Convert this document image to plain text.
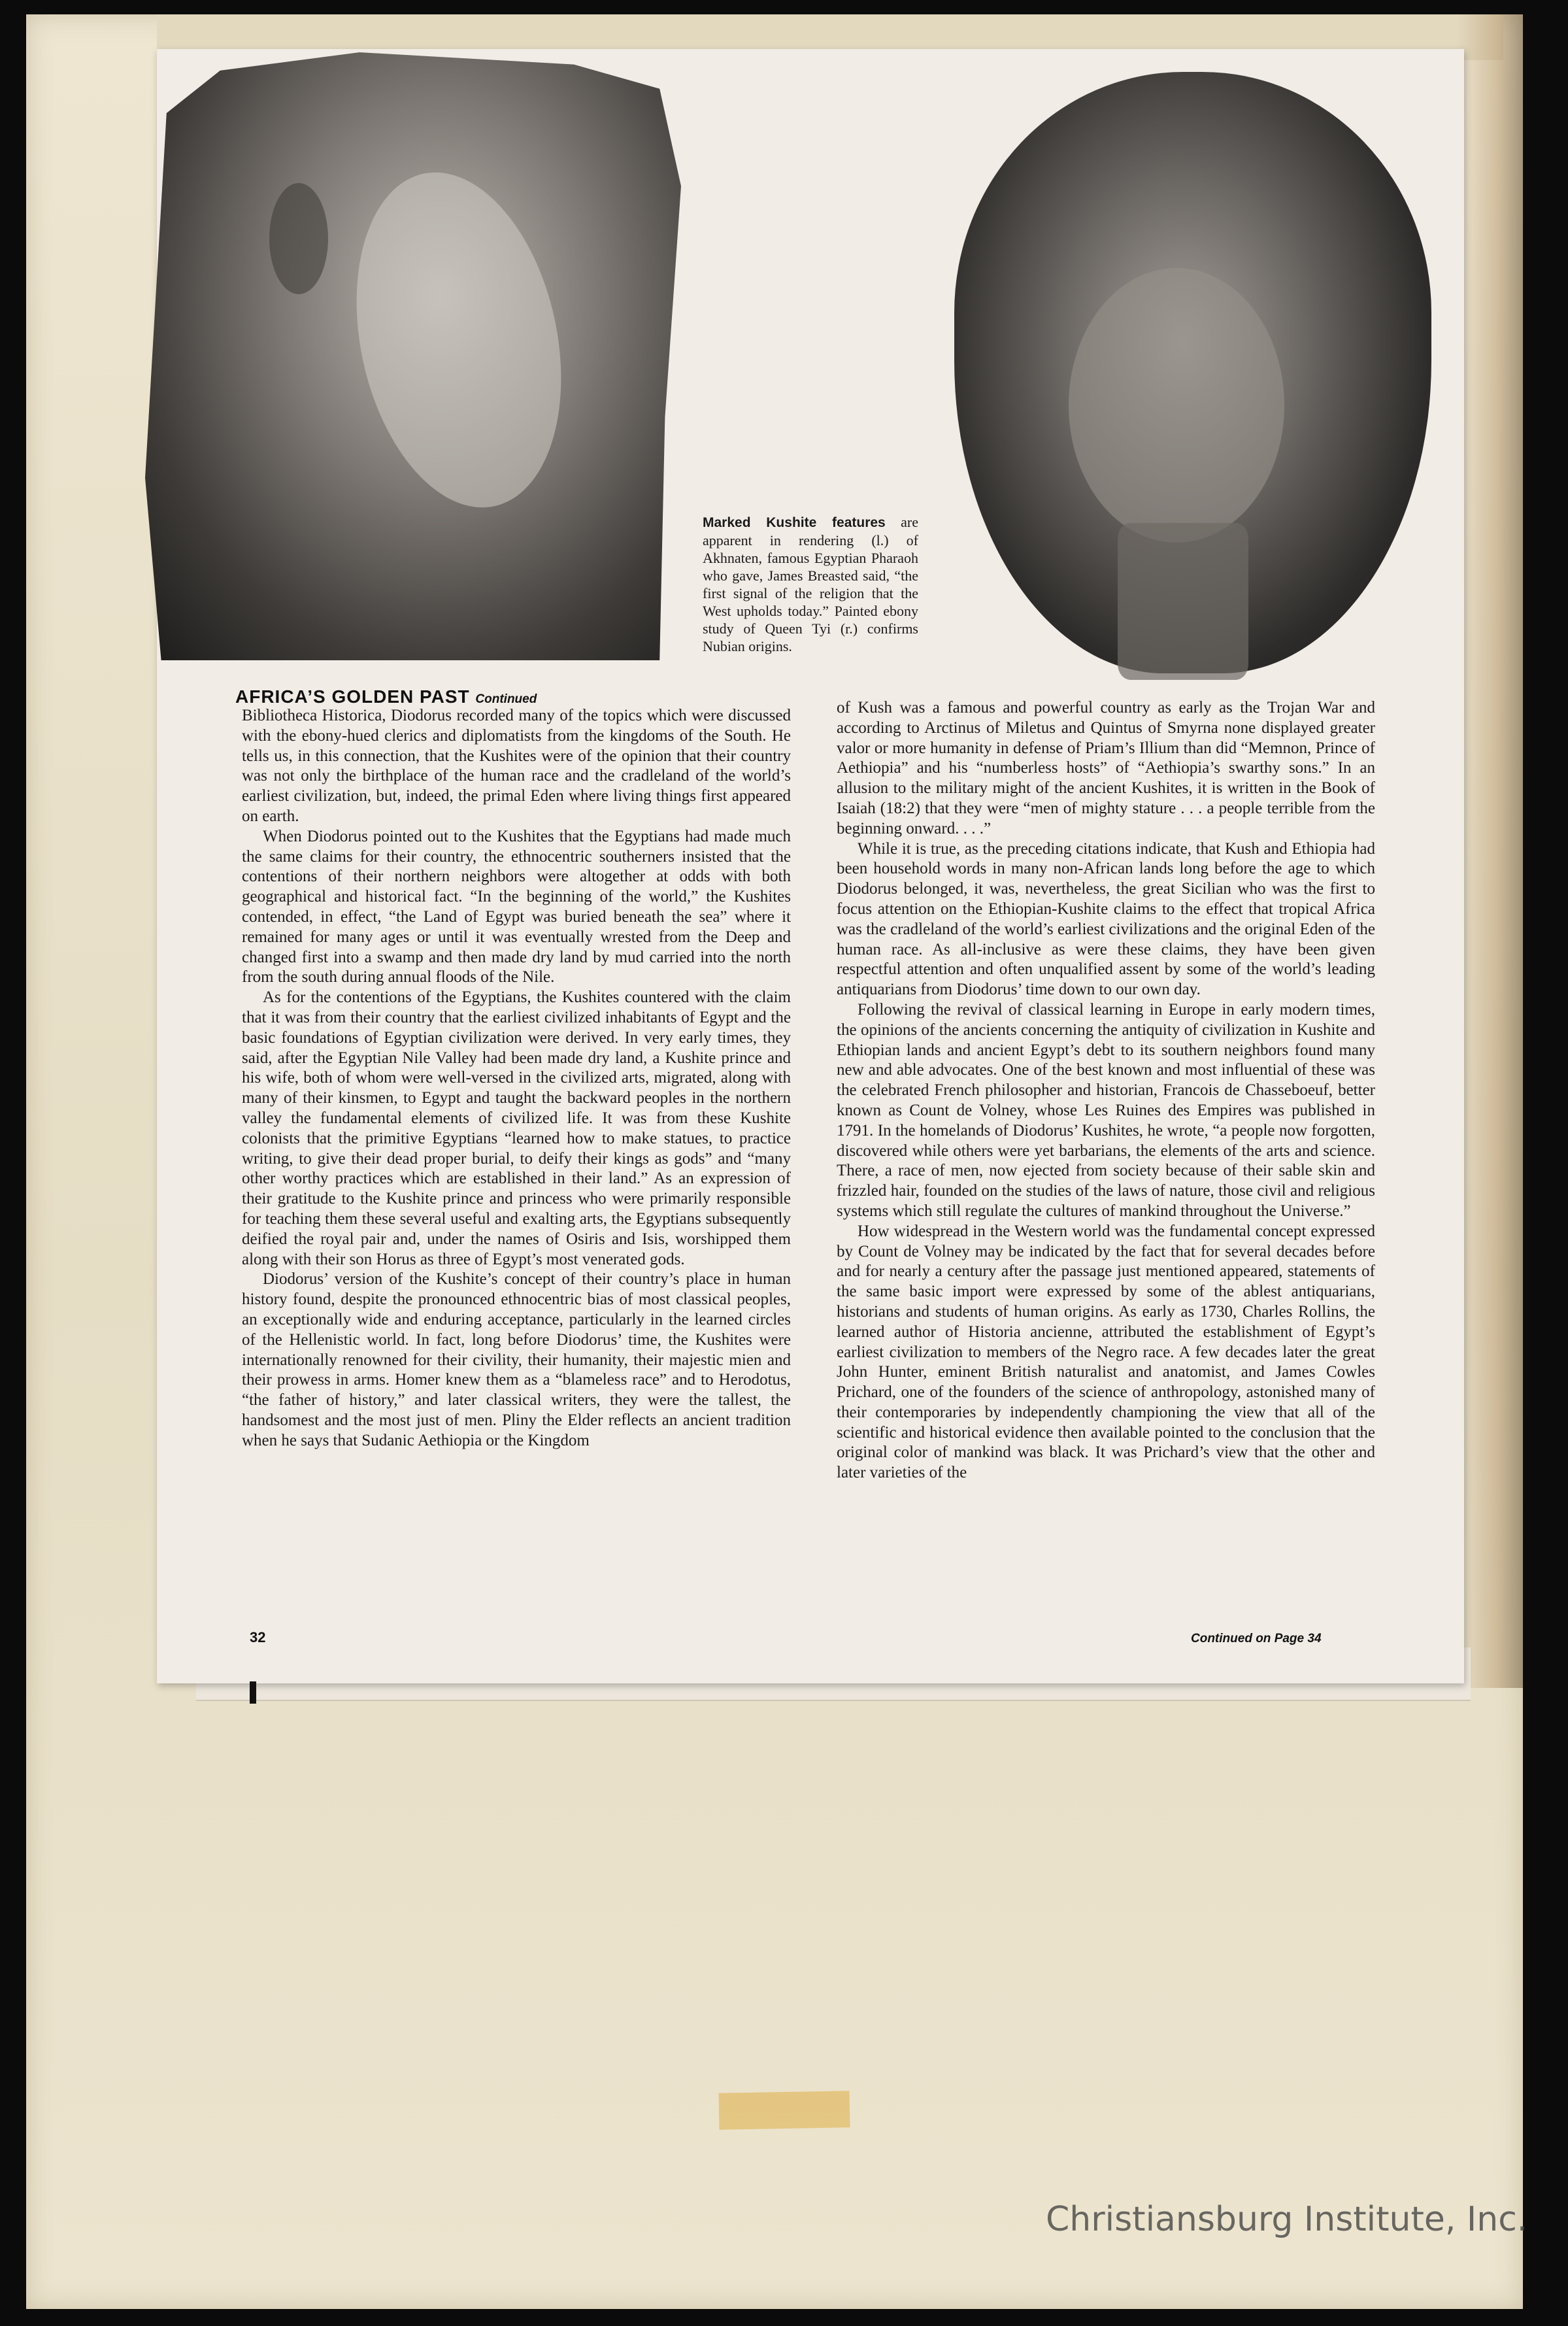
Marked Kushite features are apparent in rendering (l.) of Akhnaten, famous Egyptian Pharaoh who gave, James Breasted said, “the first signal of the religion that the West upholds today.” Painted ebony study of Queen Tyi (r.) confirms Nubian origins.
AFRICA’S GOLDEN PAST Continued

Bibliotheca Historica, Diodorus recorded many of the topics which were discussed with the ebony-hued clerics and diplomatists from the kingdoms of the South. He tells us, in this connection, that the Kushites were of the opinion that their country was not only the birthplace of the human race and the cradleland of the world’s earliest civilization, but, indeed, the primal Eden where living things first appeared on earth.

When Diodorus pointed out to the Kushites that the Egyptians had made much the same claims for their country, the ethnocentric southerners insisted that the contentions of their northern neighbors were altogether at odds with both geographical and historical fact. “In the beginning of the world,” the Kushites contended, in effect, “the Land of Egypt was buried beneath the sea” where it remained for many ages or until it was eventually wrested from the Deep and changed first into a swamp and then made dry land by mud carried into the north from the south during annual floods of the Nile.

As for the contentions of the Egyptians, the Kushites countered with the claim that it was from their country that the earliest civilized inhabitants of Egypt and the basic foundations of Egyptian civilization were derived. In very early times, they said, after the Egyptian Nile Valley had been made dry land, a Kushite prince and his wife, both of whom were well-versed in the civilized arts, migrated, along with many of their kinsmen, to Egypt and taught the backward peoples in the northern valley the fundamental elements of civilized life. It was from these Kushite colonists that the primitive Egyptians “learned how to make statues, to practice writing, to give their dead proper burial, to deify their kings as gods” and “many other worthy practices which are established in their land.” As an expression of their gratitude to the Kushite prince and princess who were primarily responsible for teaching them these several useful and exalting arts, the Egyptians subsequently deified the royal pair and, under the names of Osiris and Isis, worshipped them along with their son Horus as three of Egypt’s most venerated gods.

Diodorus’ version of the Kushite’s concept of their country’s place in human history found, despite the pronounced ethnocentric bias of most classical peoples, an exceptionally wide and enduring acceptance, particularly in the learned circles of the Hellenistic world. In fact, long before Diodorus’ time, the Kushites were internationally renowned for their civility, their humanity, their majestic mien and their prowess in arms. Homer knew them as a “blameless race” and to Herodotus, “the father of history,” and later classical writers, they were the tallest, the handsomest and the most just of men. Pliny the Elder reflects an ancient tradition when he says that Sudanic Aethiopia or the Kingdom

of Kush was a famous and powerful country as early as the Trojan War and according to Arctinus of Miletus and Quintus of Smyrna none displayed greater valor or more humanity in defense of Priam’s Illium than did “Memnon, Prince of Aethiopia” and his “numberless hosts” of “Aethiopia’s swarthy sons.” In an allusion to the military might of the ancient Kushites, it is written in the Book of Isaiah (18:2) that they were “men of mighty stature . . . a people terrible from the beginning onward. . . .”

While it is true, as the preceding citations indicate, that Kush and Ethiopia had been household words in many non-African lands long before the age to which Diodorus belonged, it was, nevertheless, the great Sicilian who was the first to focus attention on the Ethiopian-Kushite claims to the effect that tropical Africa was the cradleland of the world’s earliest civilizations and the original Eden of the human race. As all-inclusive as were these claims, they have been given respectful attention and often unqualified assent by some of the world’s leading antiquarians from Diodorus’ time down to our own day.

Following the revival of classical learning in Europe in early modern times, the opinions of the ancients concerning the antiquity of civilization in Kushite and Ethiopian lands and ancient Egypt’s debt to its southern neighbors found many new and able advocates. One of the best known and most influential of these was the celebrated French philosopher and historian, Francois de Chasseboeuf, better known as Count de Volney, whose Les Ruines des Empires was published in 1791. In the homelands of Diodorus’ Kushites, he wrote, “a people now forgotten, discovered while others were yet barbarians, the elements of the arts and science. There, a race of men, now ejected from society because of their sable skin and frizzled hair, founded on the studies of the laws of nature, those civil and religious systems which still regulate the cultures of mankind throughout the Universe.”

How widespread in the Western world was the fundamental concept expressed by Count de Volney may be indicated by the fact that for several decades before and for nearly a century after the passage just mentioned appeared, statements of the same basic import were expressed by some of the ablest antiquarians, historians and students of human origins. As early as 1730, Charles Rollins, the learned author of Historia ancienne, attributed the establishment of Egypt’s earliest civilization to members of the Negro race. A few decades later the great John Hunter, eminent British naturalist and anatomist, and James Cowles Prichard, one of the founders of the science of anthropology, astonished many of their contemporaries by independently championing the view that all of the scientific and historical evidence then available pointed to the conclusion that the original color of mankind was black. It was Prichard’s view that the other and later varieties of the

32	Continued on Page 34
Christiansburg Institute, Inc.
